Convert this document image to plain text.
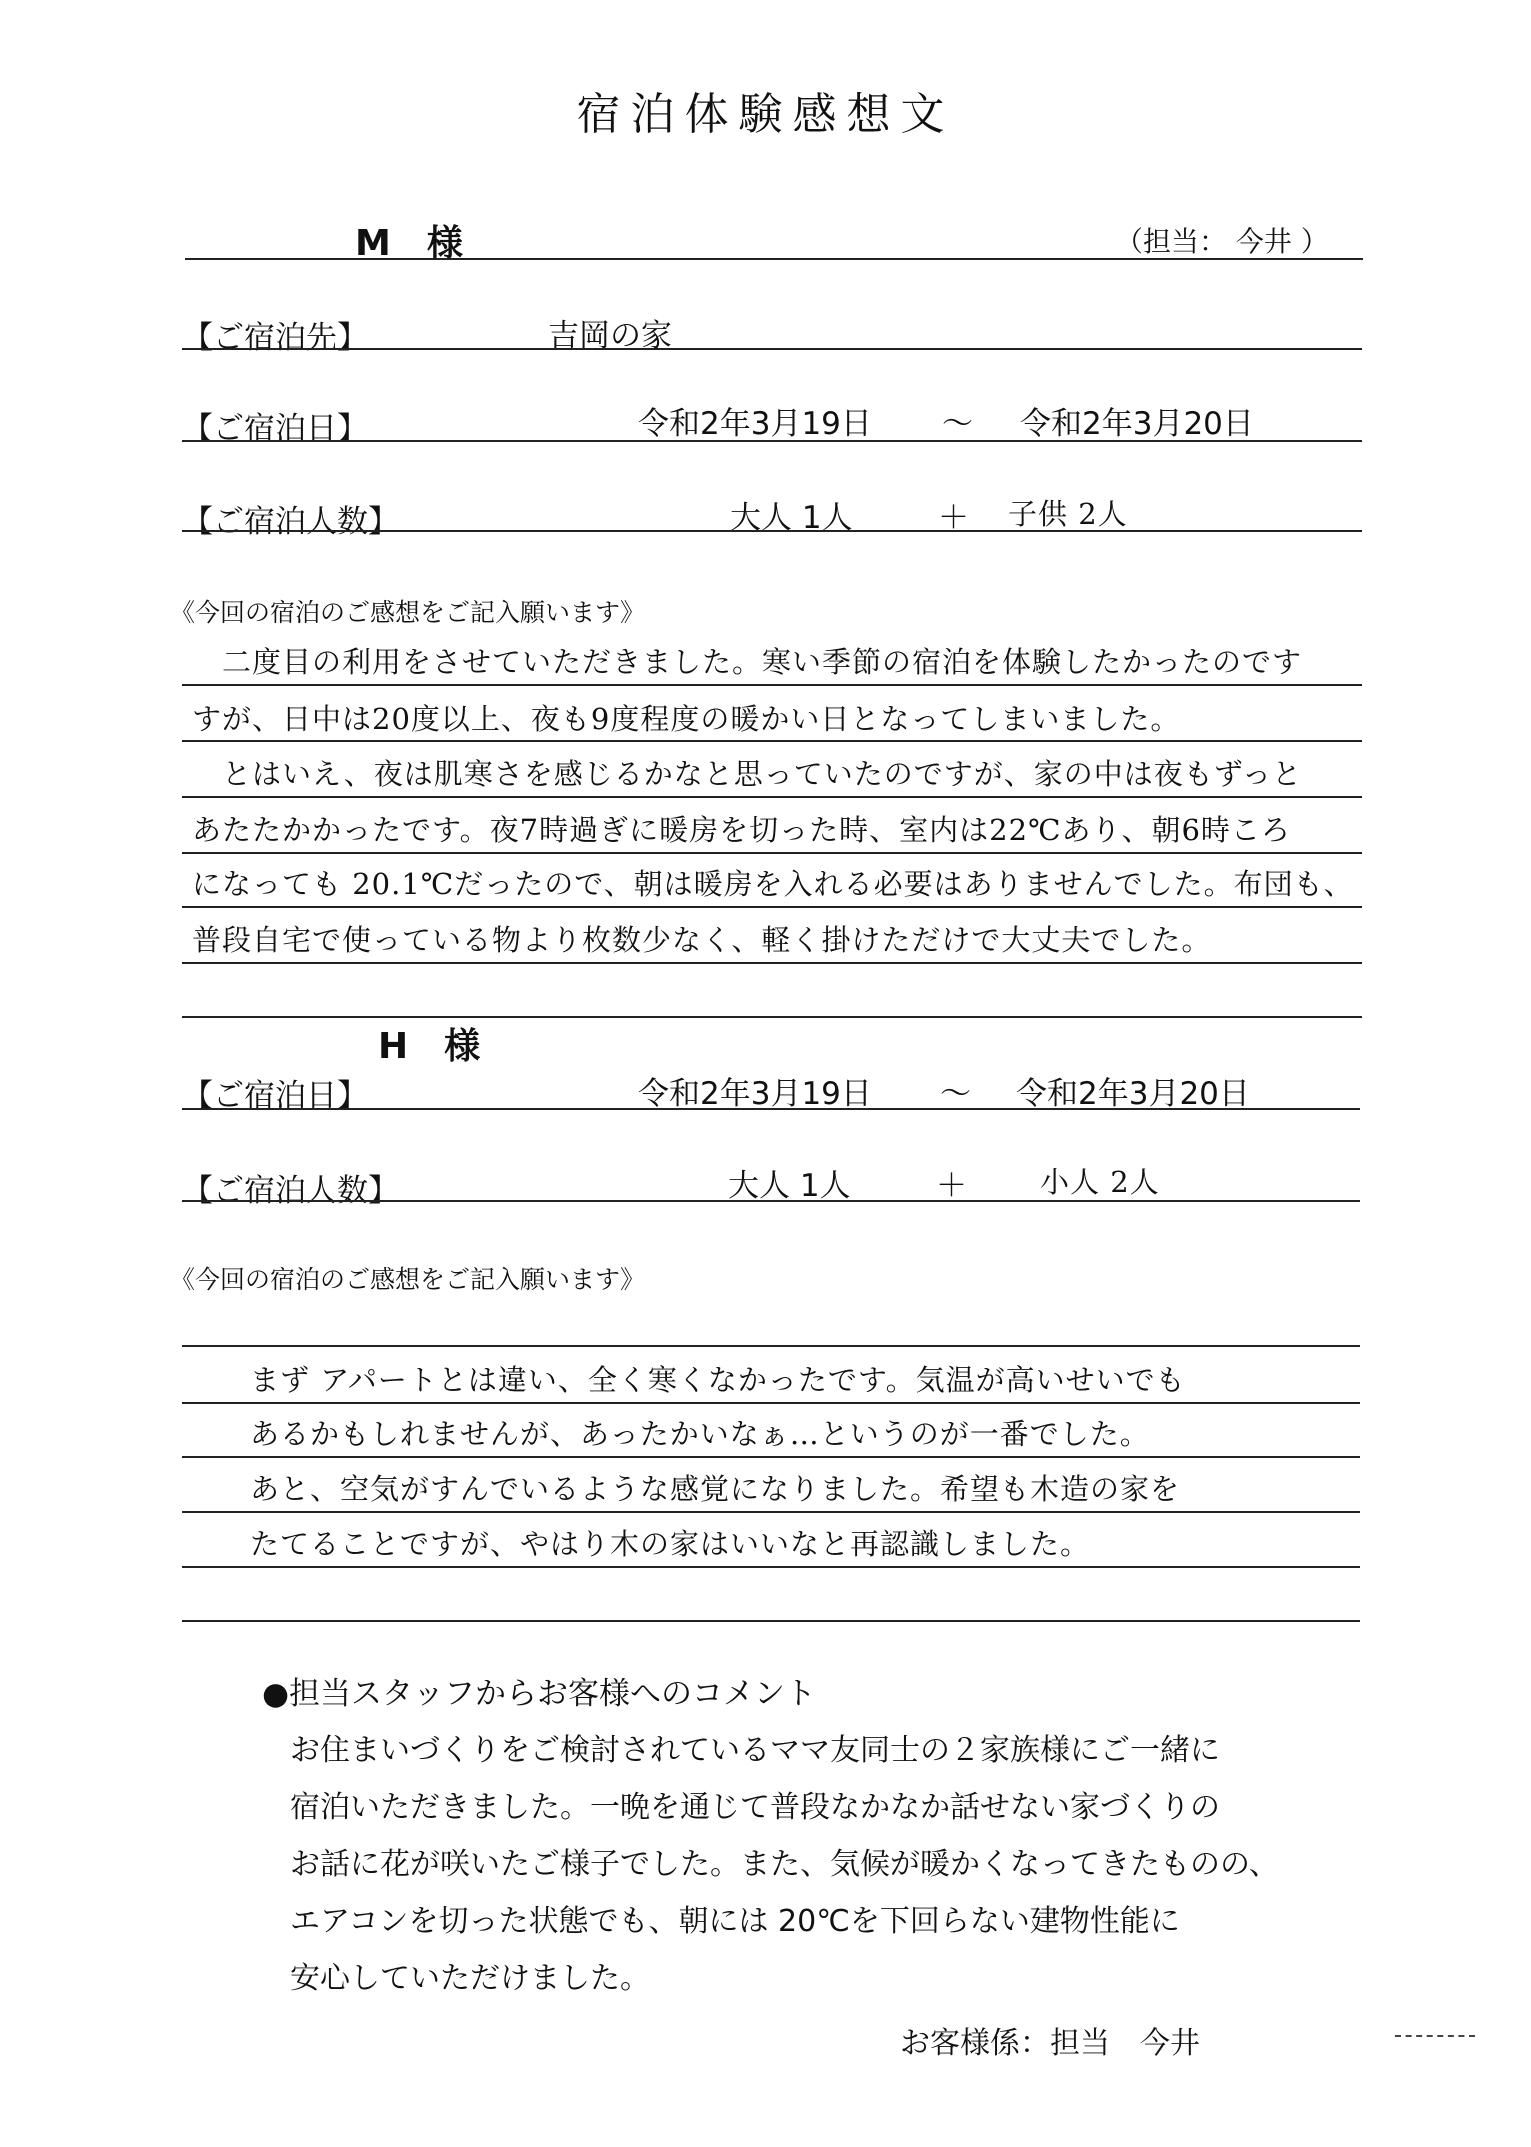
宿泊体験感想文
M　様	（担当： 今井 ）
【ご宿泊先】	吉岡の家
【ご宿泊日】	令和2年3月19日 ～ 令和2年3月20日
【ご宿泊人数】	大人 1人	＋ 子供 2人
《今回の宿泊のご感想をご記入願います》
　二度目の利用をさせていただきました。寒い季節の宿泊を体験したかったのです
すが、日中は20度以上、夜も9度程度の暖かい日となってしまいました。
　とはいえ、夜は肌寒さを感じるかなと思っていたのですが、家の中は夜もずっと
あたたかかったです。夜7時過ぎに暖房を切った時、室内は22℃あり、朝6時ころ
になっても 20.1℃だったので、朝は暖房を入れる必要はありませんでした。布団も、
普段自宅で使っている物より枚数少なく、軽く掛けただけで大丈夫でした。
H　様
【ご宿泊日】	令和2年3月19日 ～ 令和2年3月20日
【ご宿泊人数】	大人 1人	＋	小人 2人
《今回の宿泊のご感想をご記入願います》
まず アパートとは違い、全く寒くなかったです。気温が高いせいでも
あるかもしれませんが、あったかいなぁ…というのが一番でした。
あと、空気がすんでいるような感覚になりました。希望も木造の家を
たてることですが、やはり木の家はいいなと再認識しました。
●担当スタッフからお客様へのコメント
お住まいづくりをご検討されているママ友同士の２家族様にご一緒に
宿泊いただきました。一晩を通じて普段なかなか話せない家づくりの
お話に花が咲いたご様子でした。また、気候が暖かくなってきたものの、
エアコンを切った状態でも、朝には 20℃を下回らない建物性能に
安心していただけました。
お客様係：担当　今井
